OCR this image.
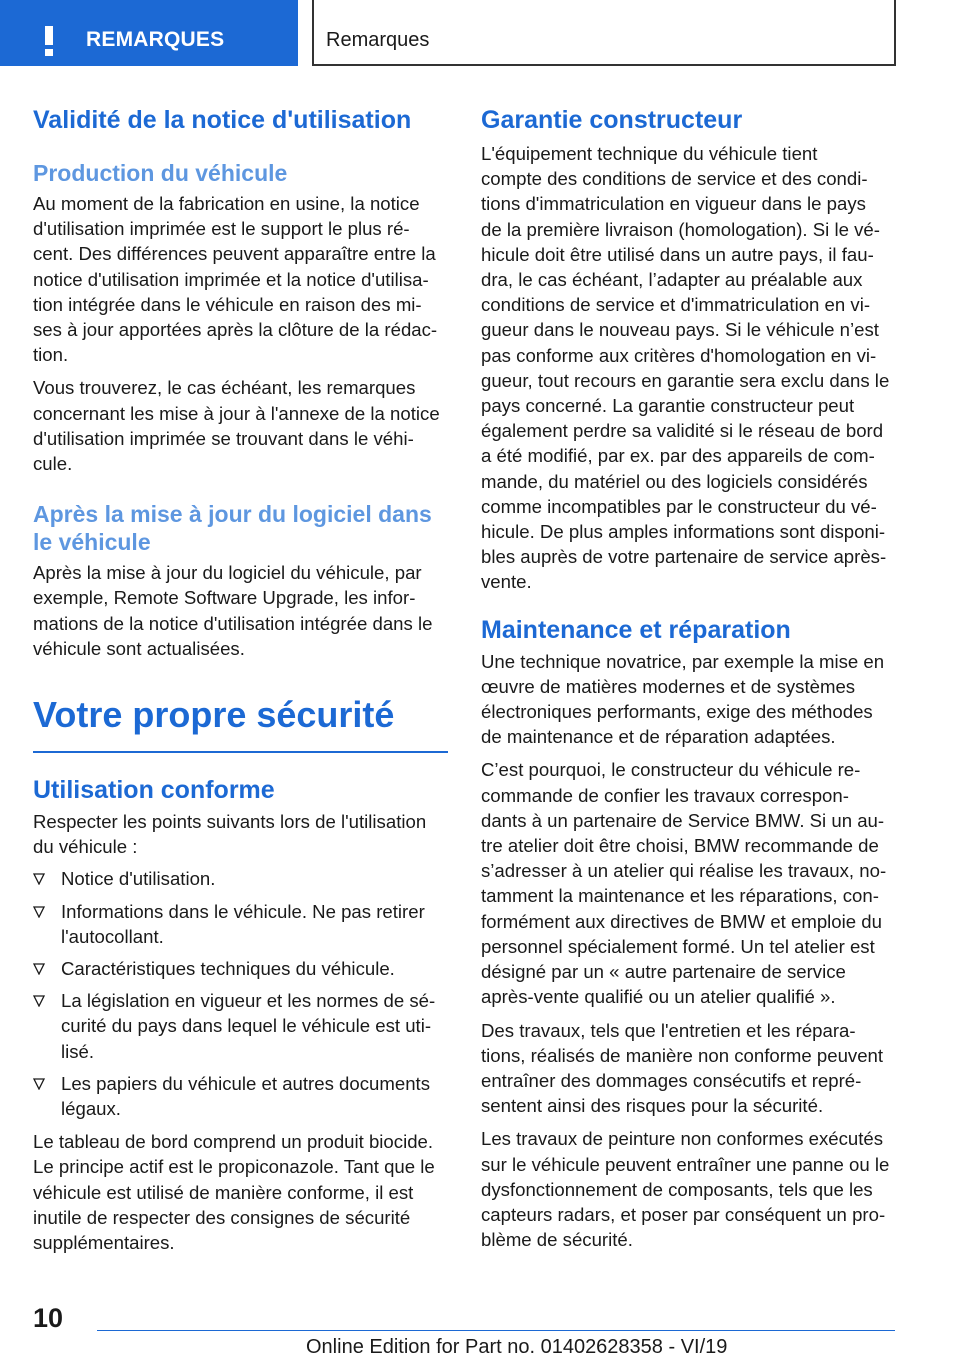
REMARQUES	Remarques
Validité de la notice d'utilisation
Production du véhicule

Au moment de la fabrication en usine, la notice
d'utilisation imprimée est le support le plus ré-
cent. Des différences peuvent apparaître entre la
notice d'utilisation imprimée et la notice d'utilisa-
tion intégrée dans le véhicule en raison des mi-
ses à jour apportées après la clôture de la rédac-
tion.

Vous trouverez, le cas échéant, les remarques
concernant les mise à jour à l'annexe de la notice
d'utilisation imprimée se trouvant dans le véhi-
cule.

Après la mise à jour du logiciel dans
le véhicule

Après la mise à jour du logiciel du véhicule, par
exemple, Remote Software Upgrade, les infor-
mations de la notice d'utilisation intégrée dans le
véhicule sont actualisées.

Votre propre sécurité
Utilisation conforme

Respecter les points suivants lors de l'utilisation
du véhicule :

Notice d'utilisation.
Informations dans le véhicule. Ne pas retirer
l'autocollant.
Caractéristiques techniques du véhicule.
La législation en vigueur et les normes de sé-
curité du pays dans lequel le véhicule est uti-
lisé.
Les papiers du véhicule et autres documents
légaux.

Le tableau de bord comprend un produit biocide.
Le principe actif est le propiconazole. Tant que le
véhicule est utilisé de manière conforme, il est
inutile de respecter des consignes de sécurité
supplémentaires.

Garantie constructeur

L'équipement technique du véhicule tient
compte des conditions de service et des condi-
tions d'immatriculation en vigueur dans le pays
de la première livraison (homologation). Si le vé-
hicule doit être utilisé dans un autre pays, il fau-
dra, le cas échéant, l’adapter au préalable aux
conditions de service et d'immatriculation en vi-
gueur dans le nouveau pays. Si le véhicule n’est
pas conforme aux critères d'homologation en vi-
gueur, tout recours en garantie sera exclu dans le
pays concerné. La garantie constructeur peut
également perdre sa validité si le réseau de bord
a été modifié, par ex. par des appareils de com-
mande, du matériel ou des logiciels considérés
comme incompatibles par le constructeur du vé-
hicule. De plus amples informations sont disponi-
bles auprès de votre partenaire de service après-
vente.

Maintenance et réparation

Une technique novatrice, par exemple la mise en
œuvre de matières modernes et de systèmes
électroniques performants, exige des méthodes
de maintenance et de réparation adaptées.

C’est pourquoi, le constructeur du véhicule re-
commande de confier les travaux correspon-
dants à un partenaire de Service BMW. Si un au-
tre atelier doit être choisi, BMW recommande de
s’adresser à un atelier qui réalise les travaux, no-
tamment la maintenance et les réparations, con-
formément aux directives de BMW et emploie du
personnel spécialement formé. Un tel atelier est
désigné par un « autre partenaire de service
après-vente qualifié ou un atelier qualifié ».

Des travaux, tels que l'entretien et les répara-
tions, réalisés de manière non conforme peuvent
entraîner des dommages consécutifs et repré-
sentent ainsi des risques pour la sécurité.

Les travaux de peinture non conformes exécutés
sur le véhicule peuvent entraîner une panne ou le
dysfonctionnement de composants, tels que les
capteurs radars, et poser par conséquent un pro-
blème de sécurité.

10
Online Edition for Part no. 01402628358 - VI/19
